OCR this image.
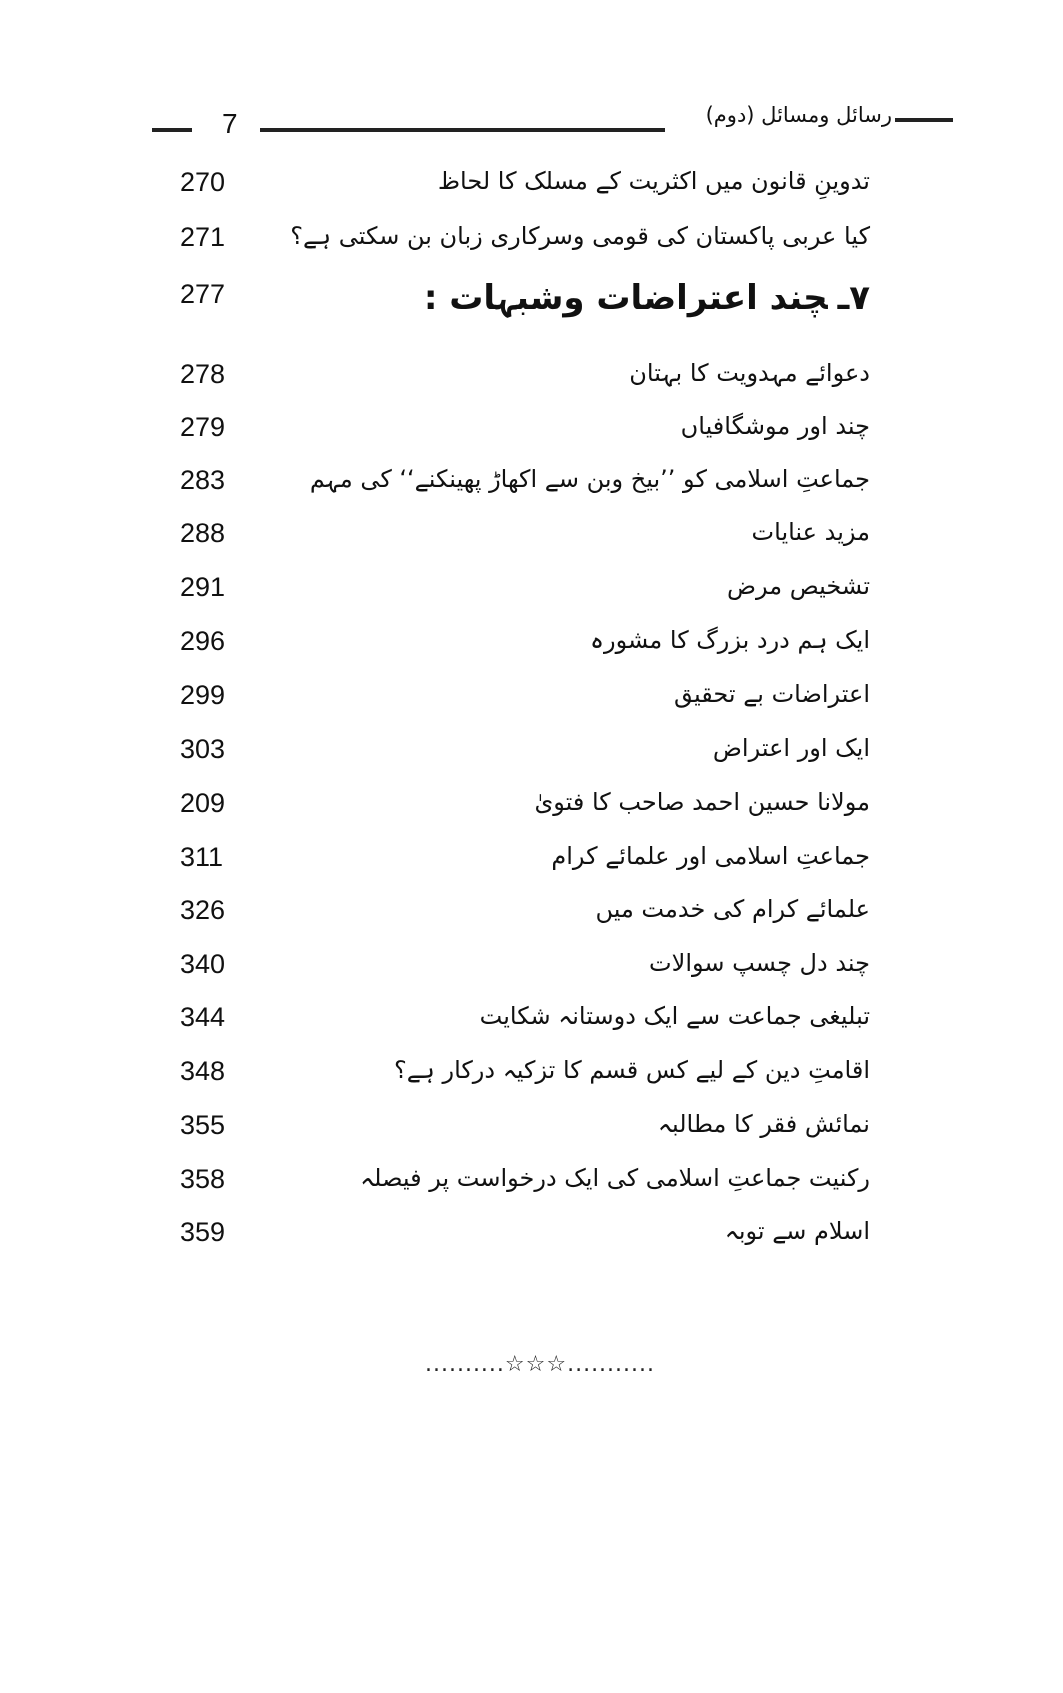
7	رسائل ومسائل (دوم)
270	تدوینِ قانون میں اکثریت کے مسلک کا لحاظ
271	کیا عربی پاکستان کی قومی وسرکاری زبان بن سکتی ہے؟
277	۷ـچند اعتراضات وشبہات :
278	دعوائے مہدویت کا بہتان
279	چند اور موشگافیاں
283	جماعتِ اسلامی کو ’’بیخ وبن سے اکھاڑ پھینکنے‘‘ کی مہم
288	مزید عنایات
291	تشخیص مرض
296	ایک ہم درد بزرگ کا مشورہ
299	اعتراضات بے تحقیق
303	ایک اور اعتراض
209	مولانا حسین احمد صاحب کا فتویٰ
311	جماعتِ اسلامی اور علمائے کرام
326	علمائے کرام کی خدمت میں
340	چند دل چسپ سوالات
344	تبلیغی جماعت سے ایک دوستانہ شکایت
348	اقامتِ دین کے لیے کس قسم کا تزکیہ درکار ہے؟
355	نمائش فقر کا مطالبہ
358	رکنیت جماعتِ اسلامی کی ایک درخواست پر فیصلہ
359	اسلام سے توبہ
..........☆☆☆...........
